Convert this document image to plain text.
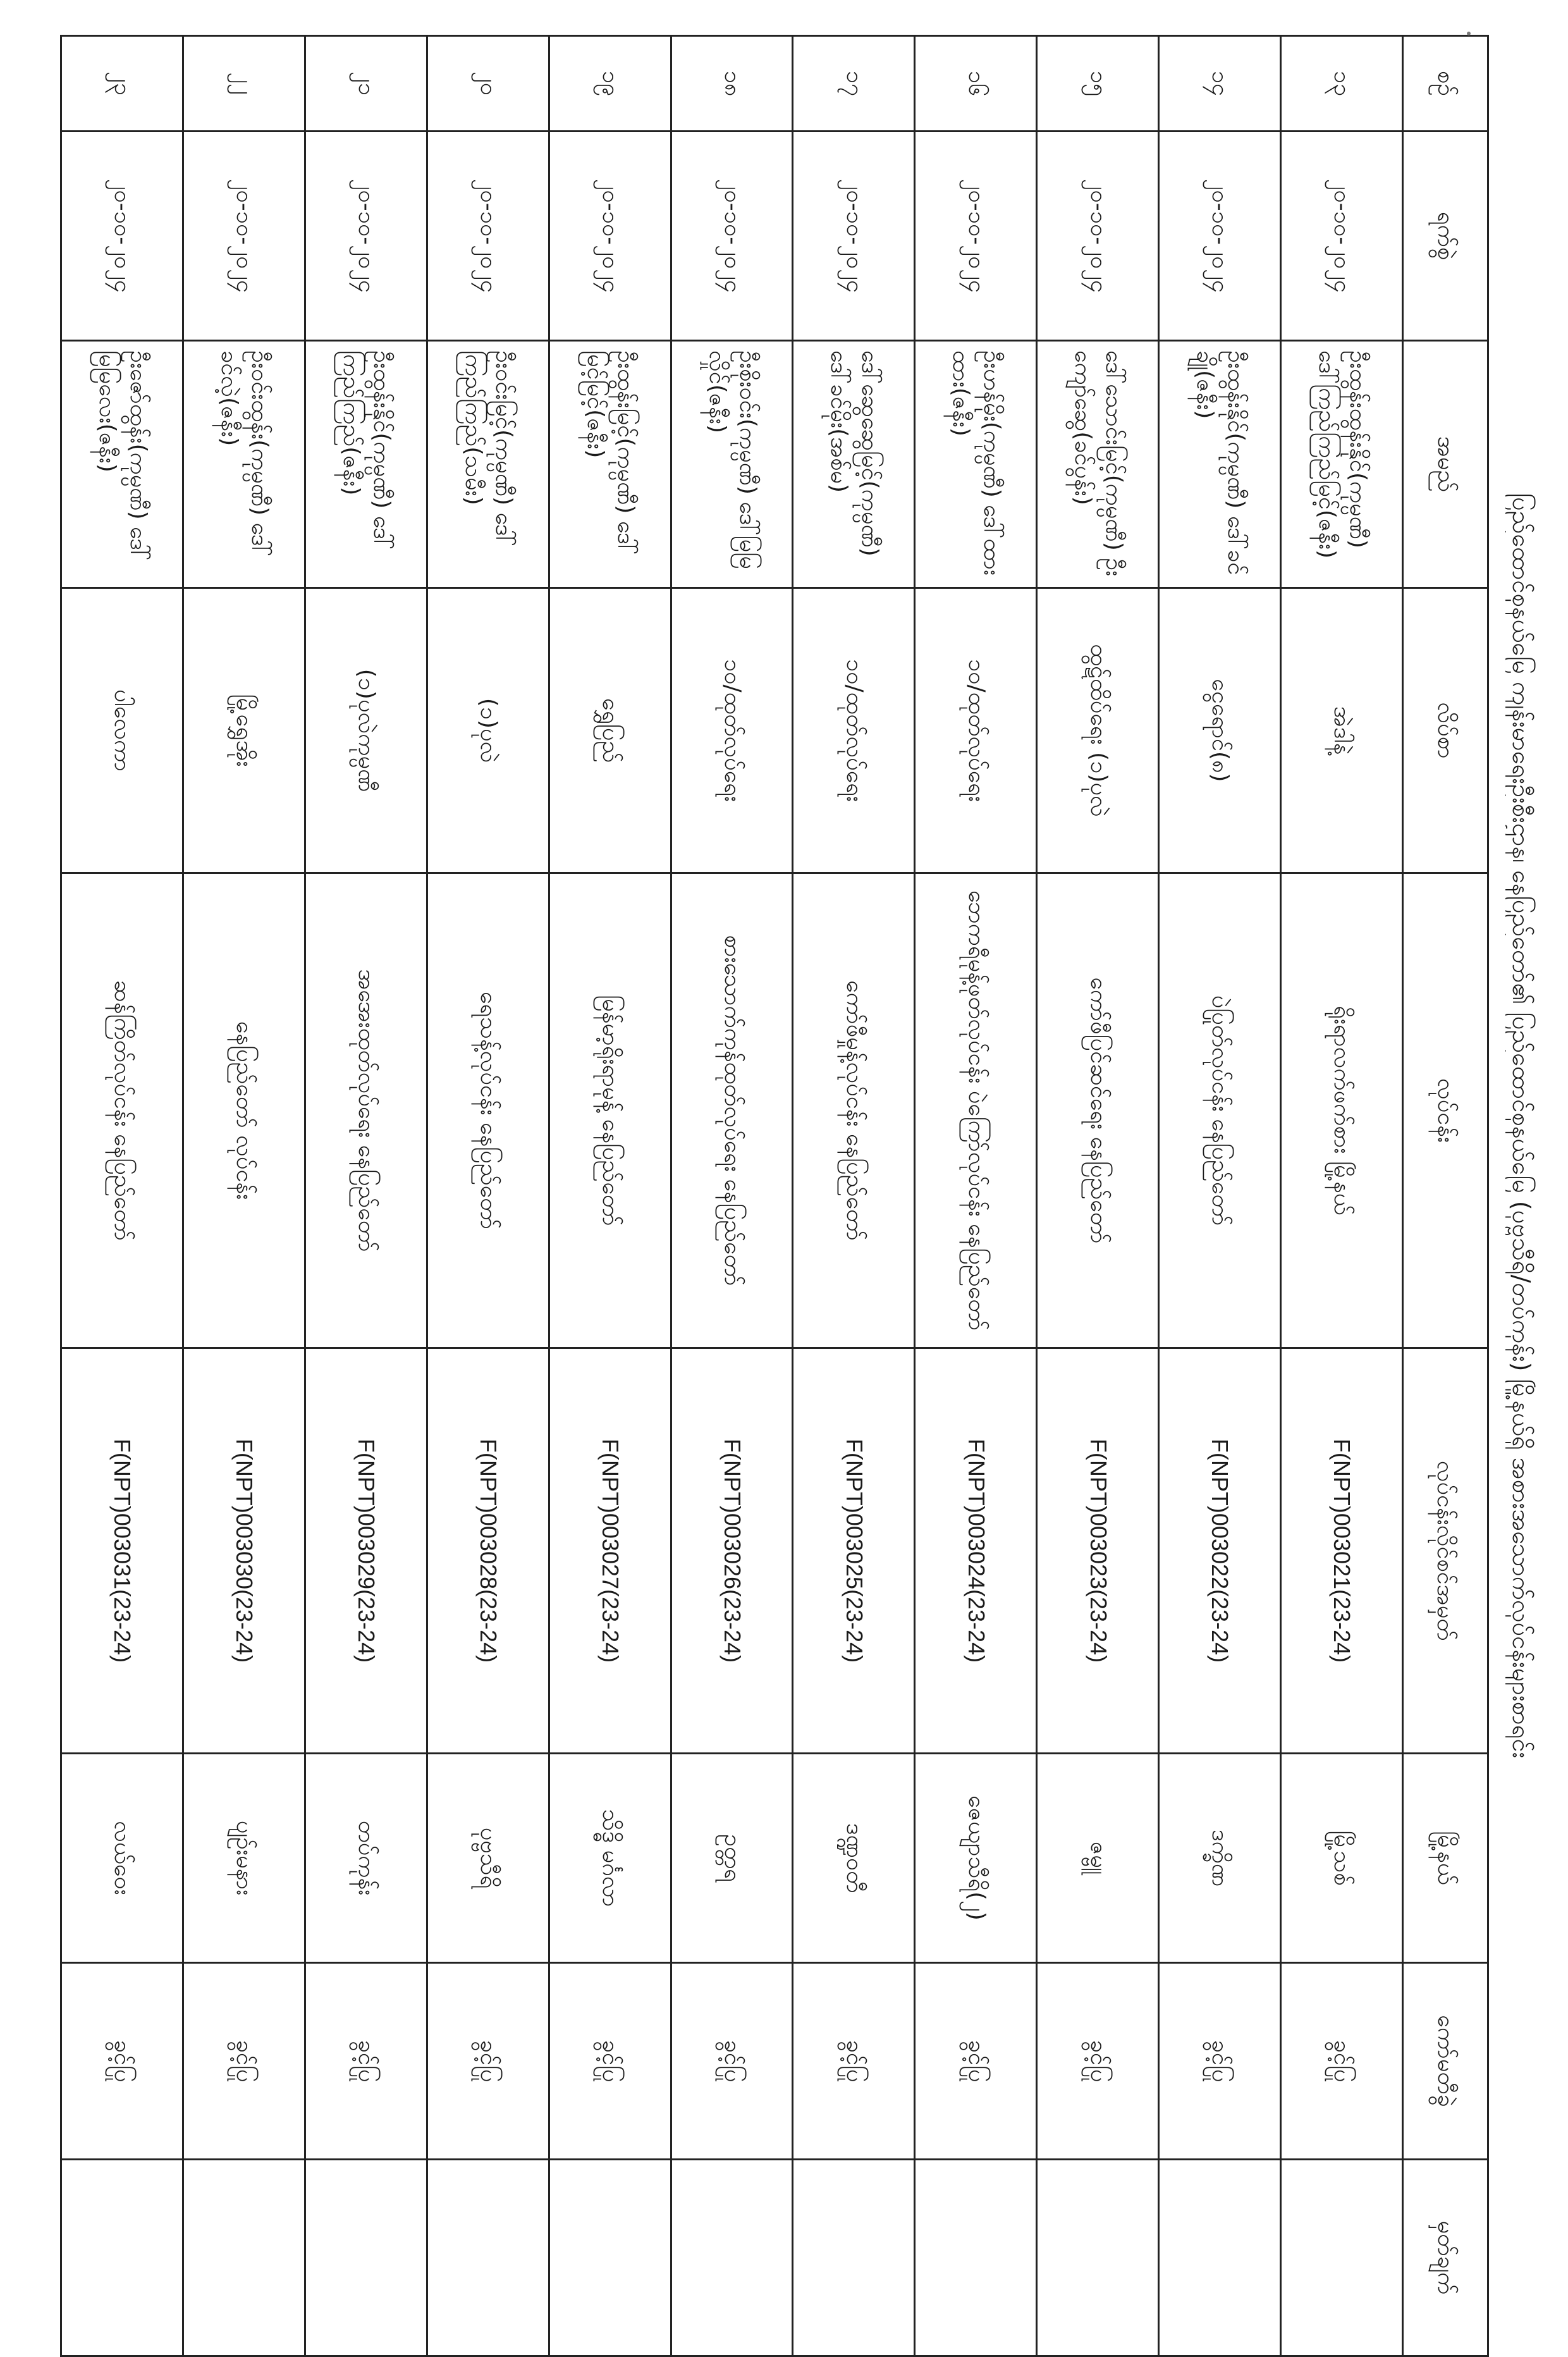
ပြည်ထောင်စုနယ်မြေ ကျန်းမာရေးဦးစီးဌာန၊ နေပြည်တော်၏ ပြည်ထောင်စုနယ်မြေ (ပုဗ္ဗသီရိ/တပ်ကုန်း) မြို့နယ်ရှိ အစားအသောက်လုပ်ငန်းများစာရင်း
စဉ်	ရက်စွဲ	အမည်	လိပ်စာ	လုပ်ငန်း	လုပ်ငန်းလိုင်စင်အမှတ်	မြို့နယ်	ကော်မတီခွဲ	မှတ်ချက်
၁၃	၂၀-၁၀-၂၀၂၄	ဦးထွန်းထွန်းနိုင်(ကုမ္ပဏီ) ဒေါ်ကြည်ကြည်မြင့်(ဇနီး)	အဲဒါနဲ့	ရိုးရာလက်ဖက်စား မြို့နယ်	F(NPT)003021(23-24)	မြို့သစ်	ခွင့်ပြု	
၁၄	၂၀-၁၀-၂၀၂၄	ဦးထွန်းနိုင်(ကုမ္ပဏီ) ဒေါ်ခင်ချို(ဇနီး)	ငွေရောင်(၈)	ပဲပြုတ်လုပ်ငန်း နေပြည်တော်	F(NPT)003022(23-24)	ဒက္ခိဏ	ခွင့်ပြု	
၁၅	၂၀-၁၀-၂၀၂၄	ဒေါ်သောင်းမြင့်(ကုမ္ပဏီ) ဦးကျော်ဆွေ(ခင်ပွန်း)	ထွဋ်ထိပ်ရေး (၁)ပုလဲ	ကော်ဖီပြင်ဆင်ရေး နေပြည်တော်	F(NPT)003023(23-24)	ဇမ္ဗူ	ခွင့်ပြု	
၁၆	၂၀-၁၀-၂၀၂၄	ဦးဟန်မိုး(ကုမ္ပဏီ) ဒေါ်ထားထား(ဇနီး)	၁၀/ထုတ်လုပ်ရေး	ဘေကရီမုန့်ဖုတ်လုပ်ငန်း ပဲကြော်လုပ်ငန်း နေပြည်တော်	F(NPT)003024(23-24)	ဇေယျာသီရိ(၂)	ခွင့်ပြု	
၁၇	၂၀-၁၀-၂၀၂၄	ဒေါ်ဆွေဆွေမြင့်(ကုမ္ပဏီ) ဒေါ်ခင်မိုး(အစ်မ)	၁၀/ထုတ်လုပ်ရေး	ကော်ဖီမှုန့်လုပ်ငန်း နေပြည်တော်	F(NPT)003025(23-24)	ဒဏ္ဍဝတီ	ခွင့်ပြု	
၁၈	၂၀-၁၀-၂၀၂၄	ဦးစိုးဝင်း(ကုမ္ပဏီ) ဒေါ်မြမြလှိုင်(ဇနီး)	၁၀/ထုတ်လုပ်ရေး	စားသောက်ကုန်ထုတ်လုပ်ရေး နေပြည်တော်	F(NPT)003026(23-24)	ဥတ္တရ	ခွင့်ပြု	
၁၉	၂၀-၁၀-၂၀၂၄	ဦးထွန်းမြင့်(ကုမ္ပဏီ) ဒေါ်မြင့်မြင့်(ဇနီး)	ရွှေပြည်	မြန်မာ့ရိုးရာမုန့် နေပြည်တော်	F(NPT)003027(23-24)	သိဒ္ဓိ မင်္ဂလာ	ခွင့်ပြု	
၂၀	၂၀-၁၀-၂၀၂၄	ဦးဝင်းမြင့်(ကုမ္ပဏီ) ဒေါ်ကြည်ကြည်(သမီး)	(၁)ပုလဲ	ရေသန့်လုပ်ငန်း နေပြည်တော်	F(NPT)003028(23-24)	ပုဗ္ဗသီရိ	ခွင့်ပြု	
၂၁	၂၀-၁၀-၂၀၂၄	ဦးထွန်းနိုင်(ကုမ္ပဏီ) ဒေါ်ကြည်ကြည်(ဇနီး)	(၁)ပုလဲကုမ္ပဏီ	အအေးထုတ်လုပ်ရေး နေပြည်တော်	F(NPT)003029(23-24)	တပ်ကုန်း	ခွင့်ပြု	
၂၂	၂၀-၁၀-၂၀၂၄	ဦးဝင်းထွန်း(ကုမ္ပဏီ) ဒေါ်ခင်လဲ့(ဇနီး)	မြို့ရွှေအိုး	နေပြည်တော် လုပ်ငန်း	F(NPT)003030(23-24)	ပျဉ်းမနား	ခွင့်ပြု	
၂၃	၂၀-၁၀-၂၀၂၄	ဦးဇော်ထွန်း(ကုမ္ပဏီ) ဒေါ်မြမြလေး(ဇနီး)	ပါလေကာ	ဆန်ကြိတ်လုပ်ငန်း နေပြည်တော်	F(NPT)003031(23-24)	လယ်ဝေး	ခွင့်ပြု	
